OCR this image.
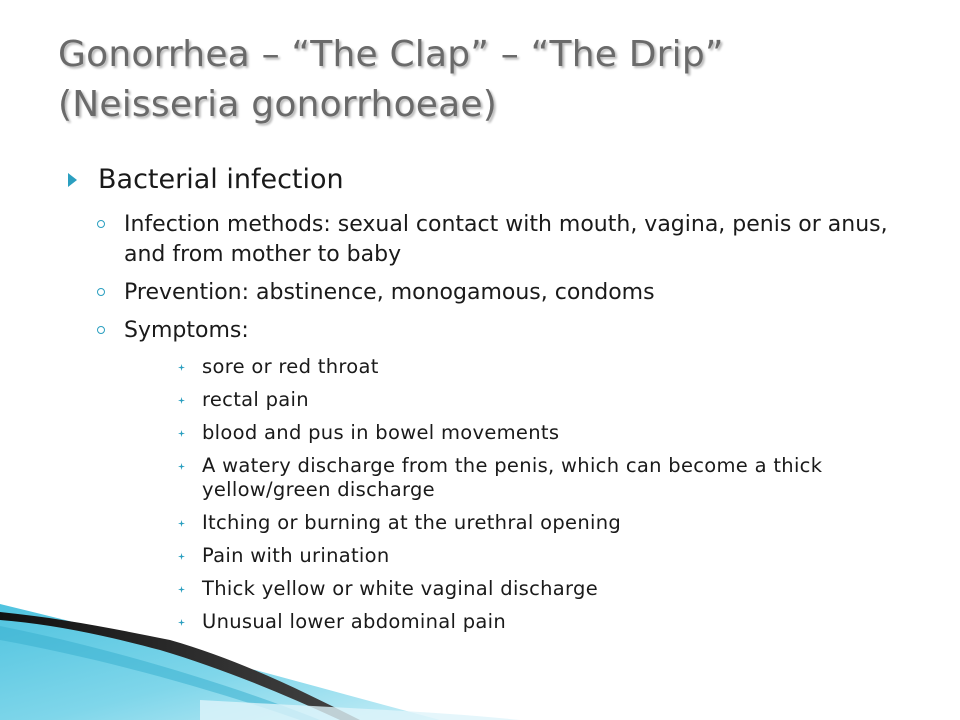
Gonorrhea – “The Clap” – “The Drip”
(Neisseria gonorrhoeae)
Bacterial infection
Infection methods: sexual contact with mouth, vagina, penis or anus, and from mother to baby
Prevention: abstinence, monogamous, condoms
Symptoms:
sore or red throat
rectal pain
blood and pus in bowel movements
A watery discharge from the penis, which can become a thick yellow/green discharge
Itching or burning at the urethral opening
Pain with urination
Thick yellow or white vaginal discharge
Unusual lower abdominal pain
